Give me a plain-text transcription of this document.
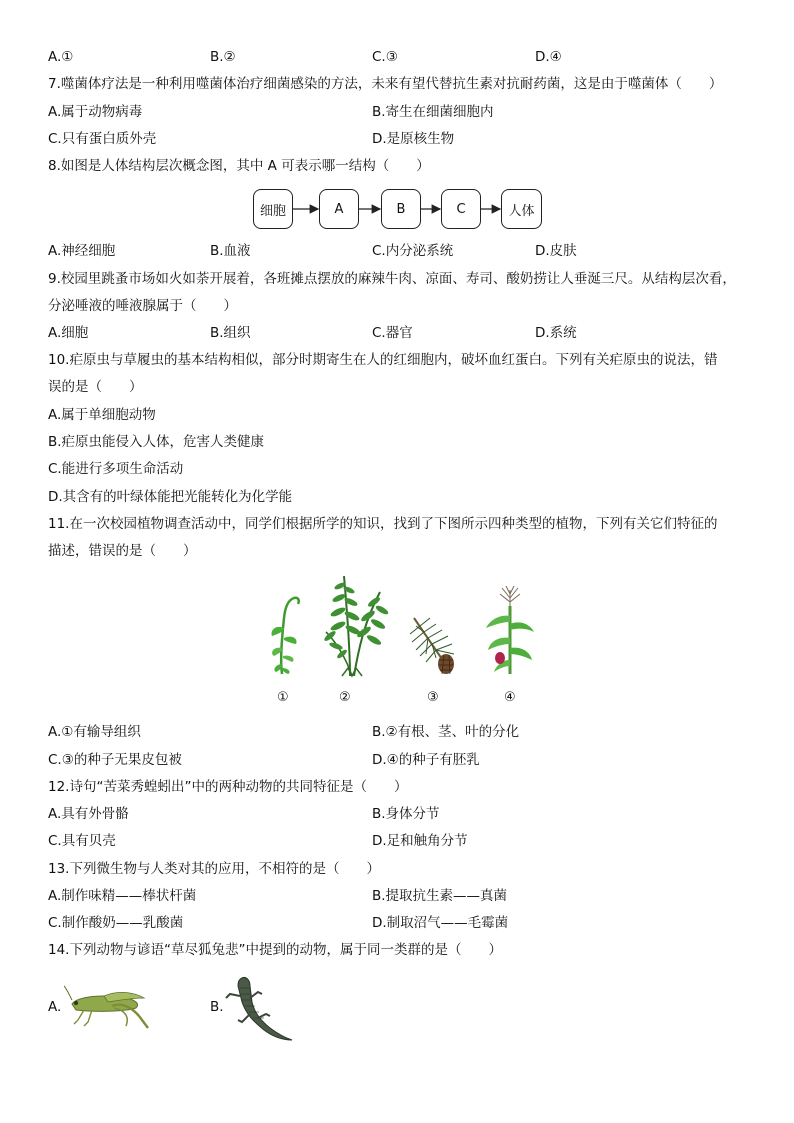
A.①	B.②	C.③	D.④
7.噬菌体疗法是一种利用噬菌体治疗细菌感染的方法，未来有望代替抗生素对抗耐药菌，这是由于噬菌体（　　）
A.属于动物病毒	B.寄生在细菌细胞内
C.只有蛋白质外壳	D.是原核生物
8.如图是人体结构层次概念图，其中 A 可表示哪一结构（　　）
细胞	A	B	C	人体
A.神经细胞	B.血液	C.内分泌系统	D.皮肤
9.校园里跳蚤市场如火如荼开展着，各班摊点摆放的麻辣牛肉、凉面、寿司、酸奶捞让人垂涎三尺。从结构层次看，
分泌唾液的唾液腺属于（　　）
A.细胞	B.组织	C.器官	D.系统
10.疟原虫与草履虫的基本结构相似，部分时期寄生在人的红细胞内，破坏血红蛋白。下列有关疟原虫的说法，错
误的是（　　）
A.属于单细胞动物
B.疟原虫能侵入人体，危害人类健康
C.能进行多项生命活动
D.其含有的叶绿体能把光能转化为化学能
11.在一次校园植物调查活动中，同学们根据所学的知识，找到了下图所示四种类型的植物，下列有关它们特征的
描述，错误的是（　　）
①	②	③	④
A.①有输导组织	B.②有根、茎、叶的分化
C.③的种子无果皮包被	D.④的种子有胚乳
12.诗句“苦菜秀蝗蚓出”中的两种动物的共同特征是（　　）
A.具有外骨骼	B.身体分节
C.具有贝壳	D.足和触角分节
13.下列微生物与人类对其的应用，不相符的是（　　）
A.制作味精——棒状杆菌	B.提取抗生素——真菌
C.制作酸奶——乳酸菌	D.制取沼气——毛霉菌
14.下列动物与谚语“草尽狐兔悲”中提到的动物，属于同一类群的是（　　）
A.	B.
